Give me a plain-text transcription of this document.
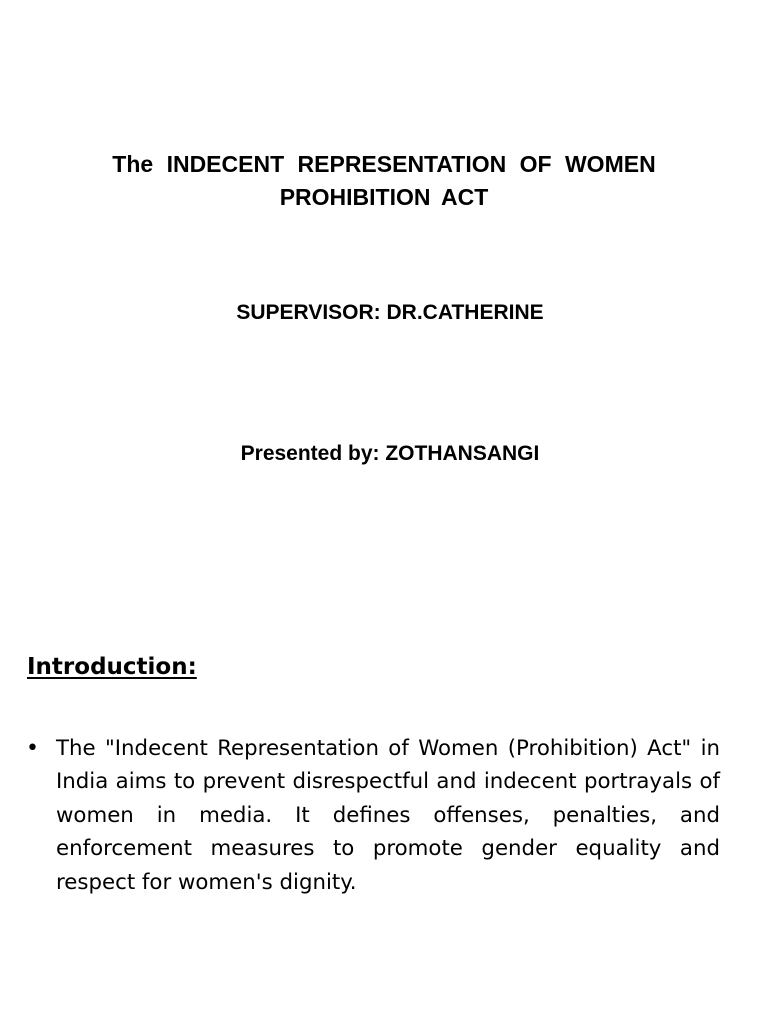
The INDECENT REPRESENTATION OF WOMEN
PROHIBITION ACT

SUPERVISOR: DR.CATHERINE

Presented by: ZOTHANSANGI

Introduction:
• The "Indecent Representation of Women (Prohibition) Act" in India aims to prevent disrespectful and indecent portrayals of women in media. It defines offenses, penalties, and enforcement measures to promote gender equality and respect for women's dignity.
